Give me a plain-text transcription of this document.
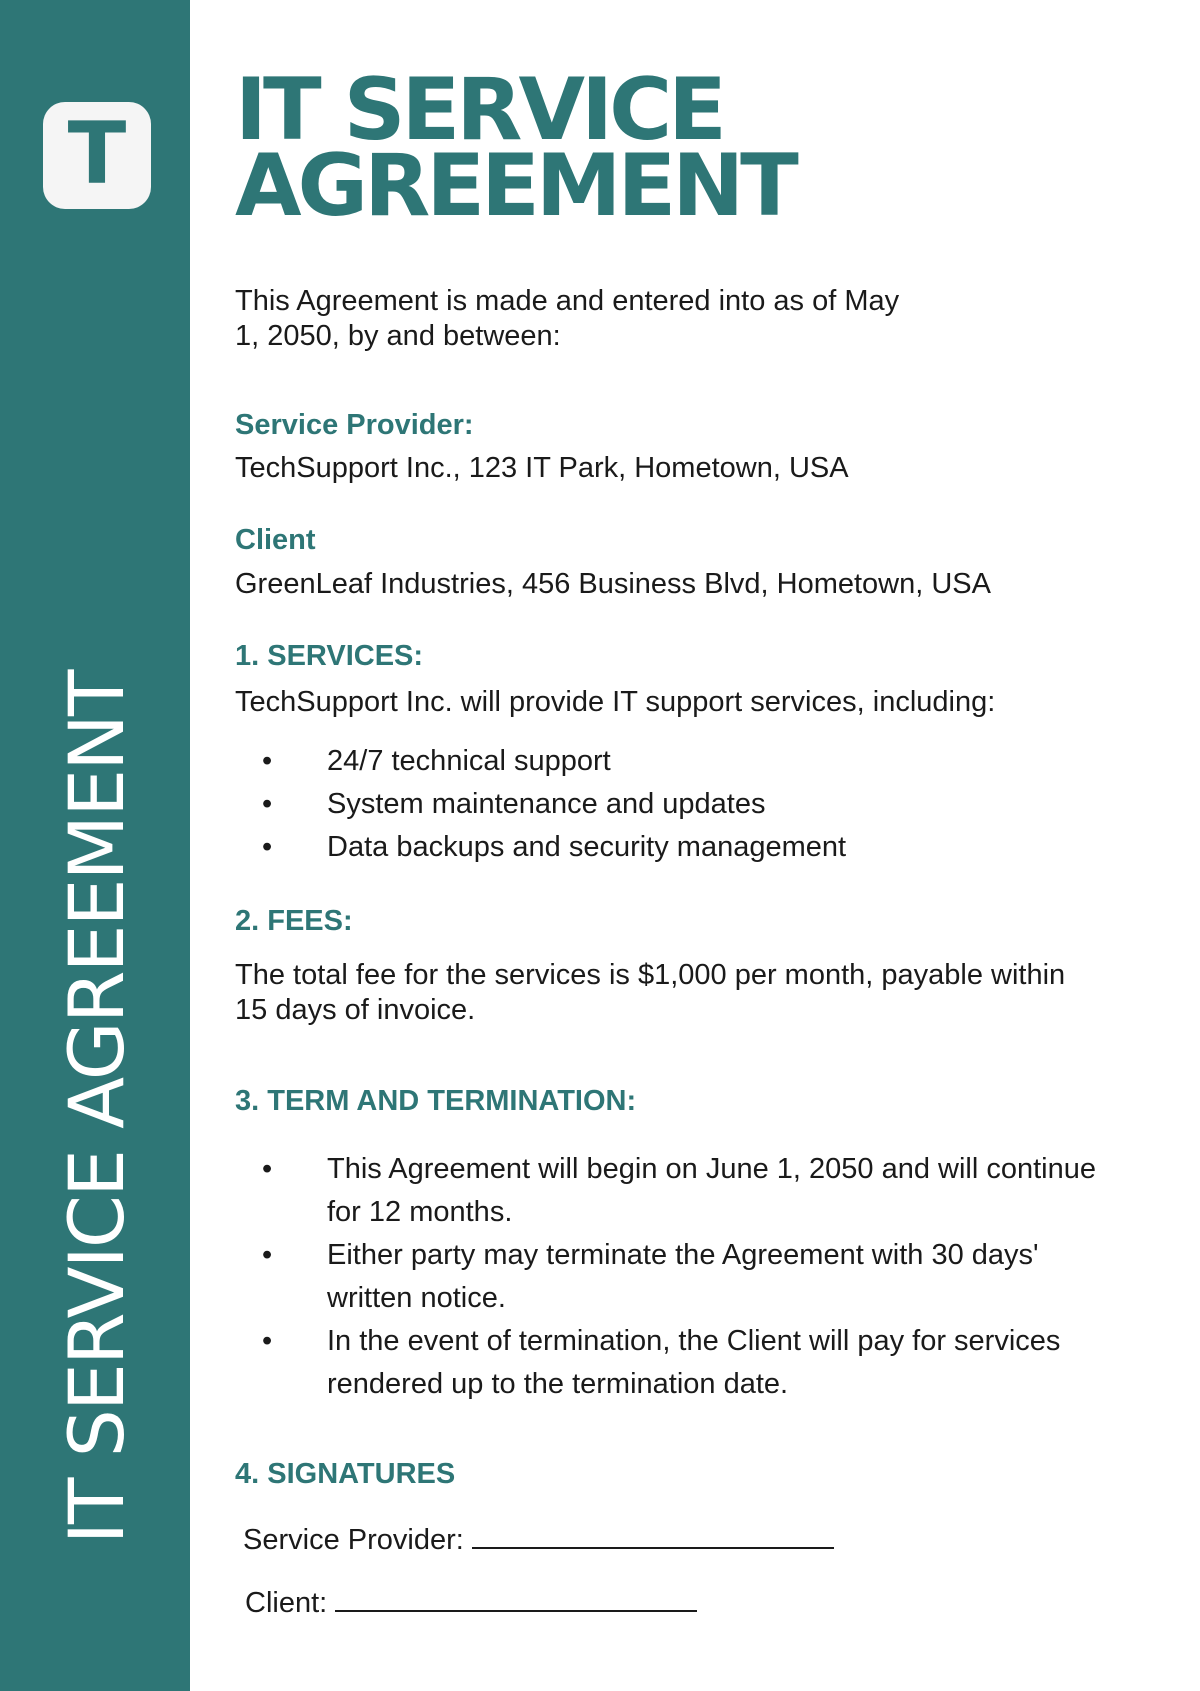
T
IT SERVICE AGREEMENT
IT SERVICE
AGREEMENT

This Agreement is made and entered into as of May 1, 2050, by and between:

Service Provider:

TechSupport Inc., 123 IT Park, Hometown, USA

Client

GreenLeaf Industries, 456 Business Blvd, Hometown, USA

1. SERVICES:

TechSupport Inc. will provide IT support services, including:

• 24/7 technical support
• System maintenance and updates
• Data backups and security management

2. FEES:

The total fee for the services is $1,000 per month, payable within 15 days of invoice.

3. TERM AND TERMINATION:

• This Agreement will begin on June 1, 2050 and will continue for 12 months.
• Either party may terminate the Agreement with 30 days' written notice.
• In the event of termination, the Client will pay for services rendered up to the termination date.

4. SIGNATURES

Service Provider:

Client:
